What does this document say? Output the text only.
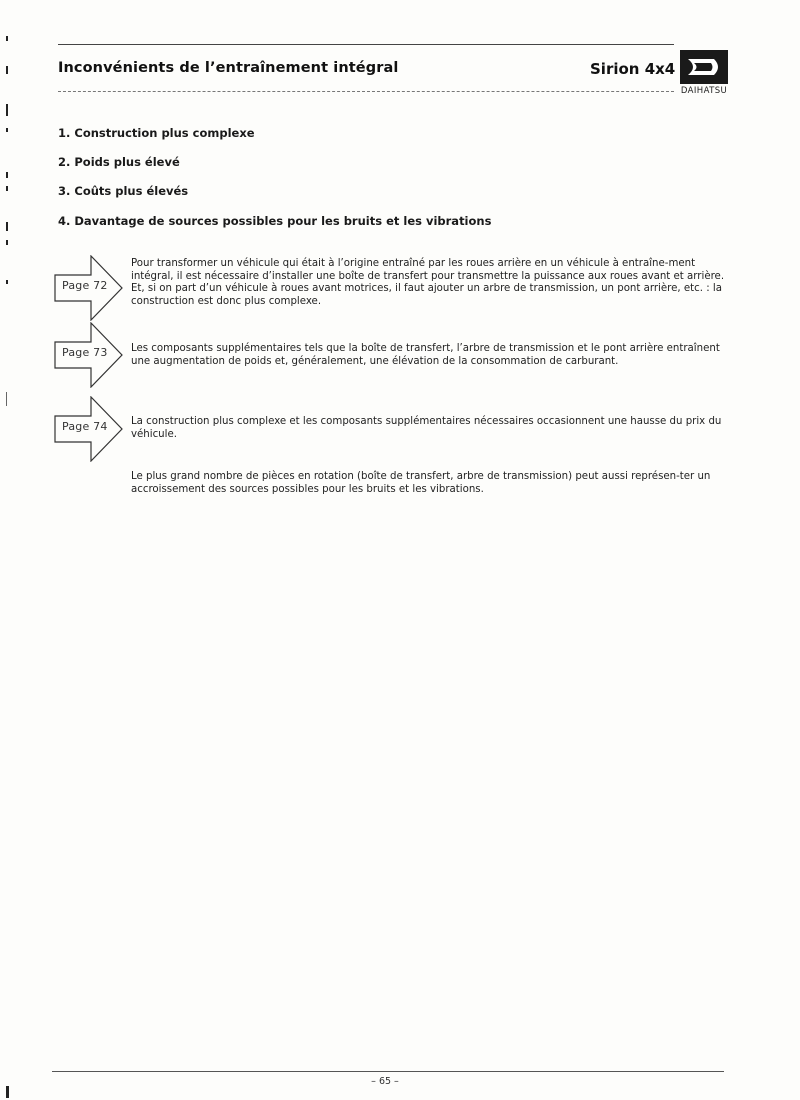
Inconvénients de l’entraînement intégral	Sirion 4x4
DAIHATSU
1. Construction plus complexe
2. Poids plus élevé
3. Coûts plus élevés
4. Davantage de sources possibles pour les bruits et les vibrations
Page 72
Page 73
Page 74
Pour transformer un véhicule qui était à l’origine entraîné par les roues arrière en un véhicule à entraîne-ment intégral, il est nécessaire d’installer une boîte de transfert pour transmettre la puissance aux roues avant et arrière. Et, si on part d’un véhicule à roues avant motrices, il faut ajouter un arbre de transmission, un pont arrière, etc. : la construction est donc plus complexe.
Les composants supplémentaires tels que la boîte de transfert, l’arbre de transmission et le pont arrière entraînent une augmentation de poids et, généralement, une élévation de la consommation de carburant.
La construction plus complexe et les composants supplémentaires nécessaires occasionnent une hausse du prix du véhicule.
Le plus grand nombre de pièces en rotation (boîte de transfert, arbre de transmission) peut aussi représen-ter un accroissement des sources possibles pour les bruits et les vibrations.
– 65 –
